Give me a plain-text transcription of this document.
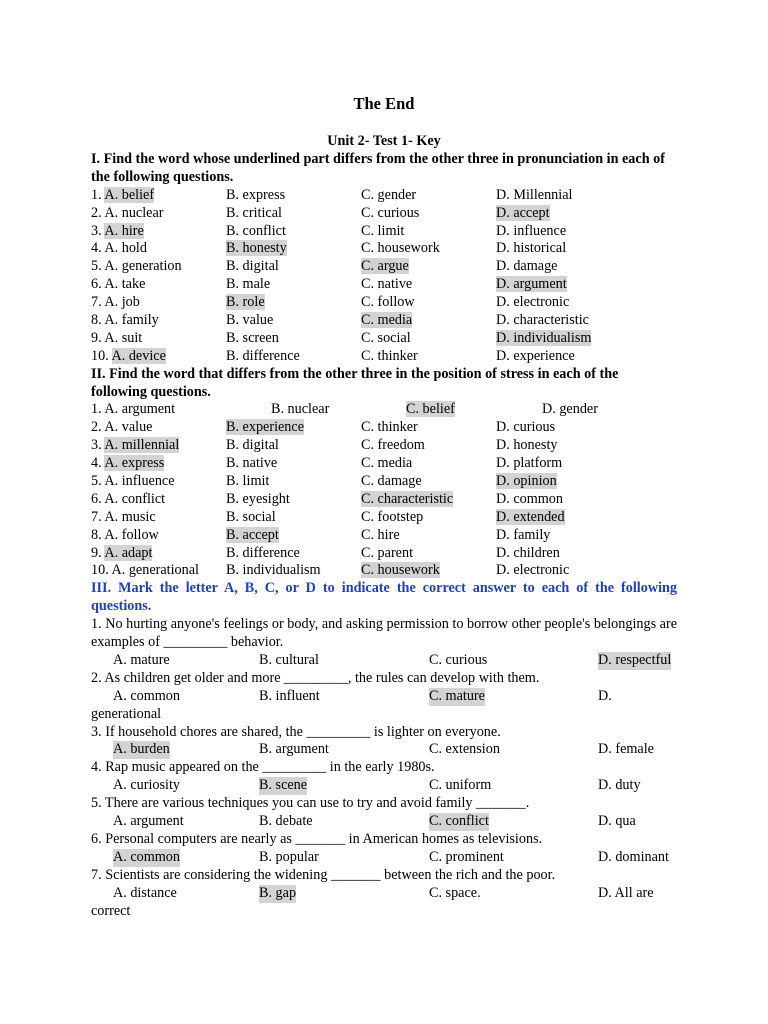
The End
Unit 2- Test 1- Key
I. Find the word whose underlined part differs from the other three in pronunciation in each of the following questions.
1. A. belief	B. express	C. gender	D. Millennial
2. A. nuclear	B. critical	C. curious	D. accept
3. A. hire	B. conflict	C. limit	D. influence
4. A. hold	B. honesty	C. housework	D. historical
5. A. generation	B. digital	C. argue	D. damage
6. A. take	B. male	C. native	D. argument
7. A. job	B. role	C. follow	D. electronic
8. A. family	B. value	C. media	D. characteristic
9. A. suit	B. screen	C. social	D. individualism
10. A. device	B. difference	C. thinker	D. experience
II. Find the word that differs from the other three in the position of stress in each of the following questions.
1. A. argument	B. nuclear	C. belief	D. gender
2. A. value	B. experience	C. thinker	D. curious
3. A. millennial	B. digital	C. freedom	D. honesty
4. A. express	B. native	C. media	D. platform
5. A. influence	B. limit	C. damage	D. opinion
6. A. conflict	B. eyesight	C. characteristic	D. common
7. A. music	B. social	C. footstep	D. extended
8. A. follow	B. accept	C. hire	D. family
9. A. adapt	B. difference	C. parent	D. children
10. A. generational B. individualism	C. housework	D. electronic
III. Mark the letter A, B, C, or D to indicate the correct answer to each of the following questions.
1. No hurting anyone's feelings or body, and asking permission to borrow other people's belongings are examples of _________ behavior.
A. mature	B. cultural	C. curious	D. respectful
2. As children get older and more _________, the rules can develop with them.
A. common	B. influent	C. mature	D.
generational
3. If household chores are shared, the _________ is lighter on everyone.
A. burden	B. argument	C. extension	D. female
4. Rap music appeared on the _________ in the early 1980s.
A. curiosity	B. scene	C. uniform	D. duty
5. There are various techniques you can use to try and avoid family _______.
A. argument	B. debate	C. conflict	D. qua
6. Personal computers are nearly as _______ in American homes as televisions.
A. common	B. popular	C. prominent	D. dominant
7. Scientists are considering the widening _______ between the rich and the poor.
A. distance	B. gap	C. space.	D. All are
correct
